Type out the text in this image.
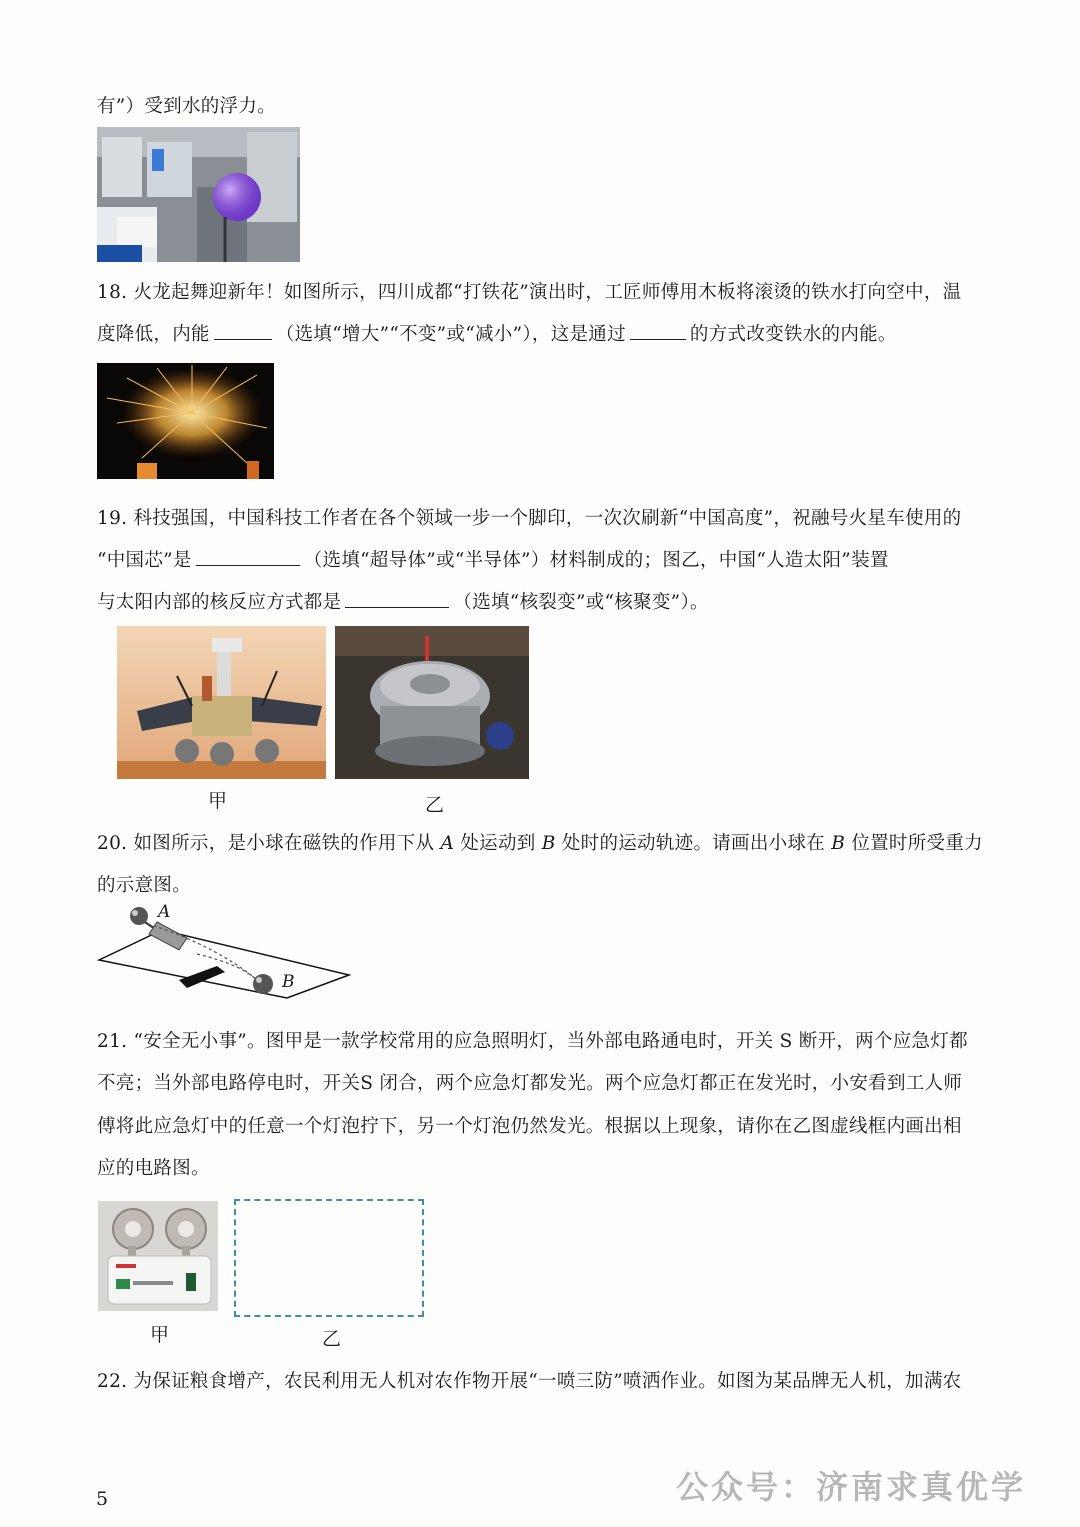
有”）受到水的浮力。
18. 火龙起舞迎新年！如图所示，四川成都“打铁花”演出时，工匠师傅用木板将滚烫的铁水打向空中，温
度降低，内能	（选填“增大”“不变”或“减小”），这是通过	的方式改变铁水的内能。
19. 科技强国，中国科技工作者在各个领域一步一个脚印，一次次刷新“中国高度”，祝融号火星车使用的
“中国芯”是	（选填“超导体”或“半导体”）材料制成的；图乙，中国“人造太阳”装置
与太阳内部的核反应方式都是	（选填“核裂变”或“核聚变”）。
甲	乙
20. 如图所示，是小球在磁铁的作用下从 A 处运动到 B 处时的运动轨迹。请画出小球在 B 位置时所受重力
的示意图。
A
B
21. “安全无小事”。图甲是一款学校常用的应急照明灯，当外部电路通电时，开关 S 断开，两个应急灯都
不亮；当外部电路停电时，开关S 闭合，两个应急灯都发光。两个应急灯都正在发光时，小安看到工人师
傅将此应急灯中的任意一个灯泡拧下，另一个灯泡仍然发光。根据以上现象，请你在乙图虚线框内画出相
应的电路图。
甲	乙
22. 为保证粮食增产，农民利用无人机对农作物开展“一喷三防”喷洒作业。如图为某品牌无人机，加满农
5	公众号：济南求真优学
